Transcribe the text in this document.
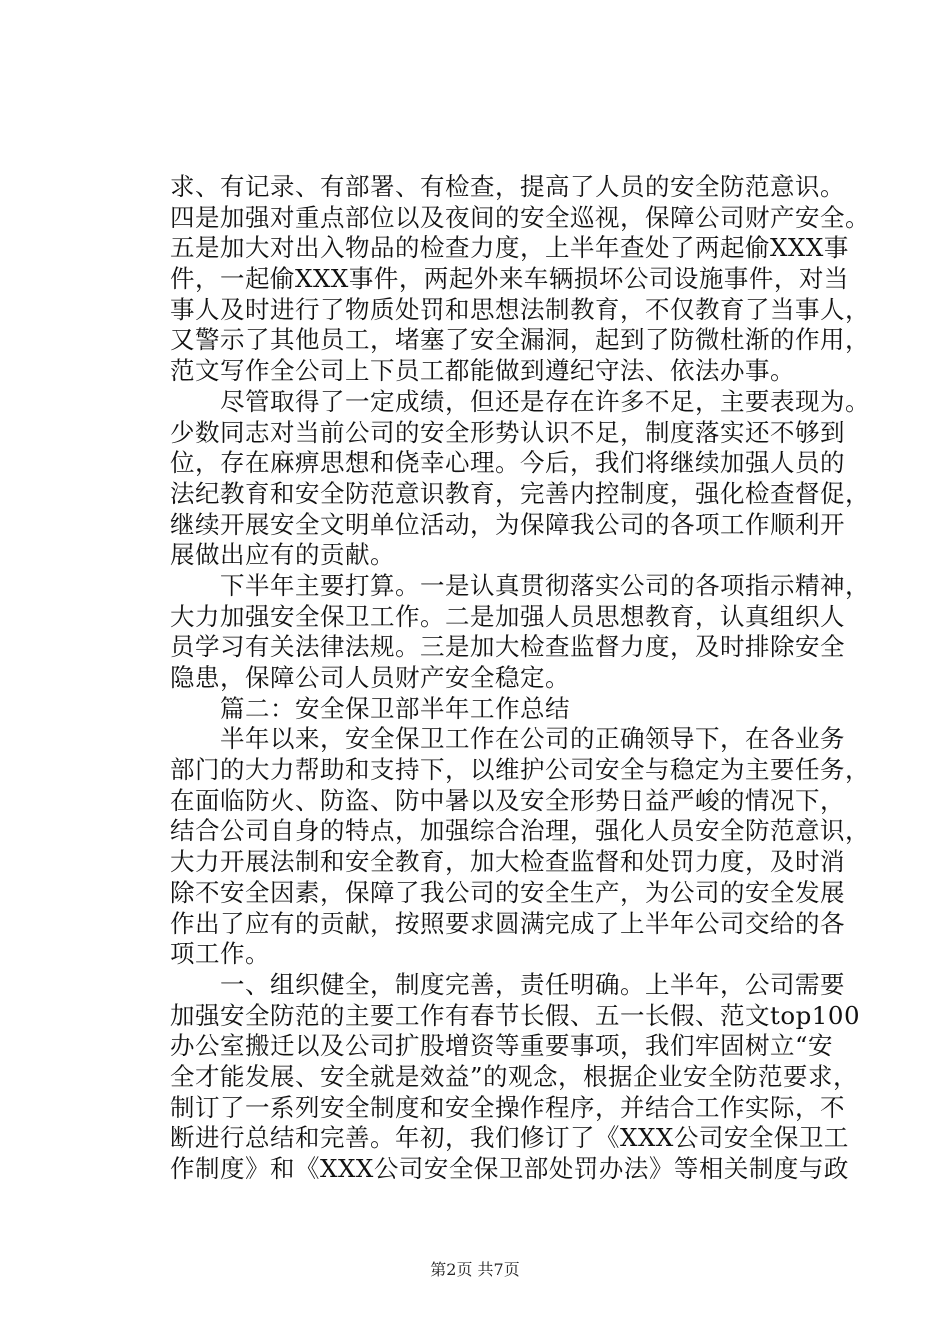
求、有记录、有部署、有检查，提高了人员的安全防范意识。
四是加强对重点部位以及夜间的安全巡视，保障公司财产安全。
五是加大对出入物品的检查力度，上半年查处了两起偷XXX事
件，一起偷XXX事件，两起外来车辆损坏公司设施事件，对当
事人及时进行了物质处罚和思想法制教育，不仅教育了当事人，
又警示了其他员工，堵塞了安全漏洞，起到了防微杜渐的作用，
范文写作全公司上下员工都能做到遵纪守法、依法办事。
　　尽管取得了一定成绩，但还是存在许多不足，主要表现为。
少数同志对当前公司的安全形势认识不足，制度落实还不够到
位，存在麻痹思想和侥幸心理。今后，我们将继续加强人员的
法纪教育和安全防范意识教育，完善内控制度，强化检查督促，
继续开展安全文明单位活动，为保障我公司的各项工作顺利开
展做出应有的贡献。
　　下半年主要打算。一是认真贯彻落实公司的各项指示精神，
大力加强安全保卫工作。二是加强人员思想教育，认真组织人
员学习有关法律法规。三是加大检查监督力度，及时排除安全
隐患，保障公司人员财产安全稳定。
　　篇二：安全保卫部半年工作总结
　　半年以来，安全保卫工作在公司的正确领导下，在各业务
部门的大力帮助和支持下，以维护公司安全与稳定为主要任务，
在面临防火、防盗、防中暑以及安全形势日益严峻的情况下，
结合公司自身的特点，加强综合治理，强化人员安全防范意识，
大力开展法制和安全教育，加大检查监督和处罚力度，及时消
除不安全因素，保障了我公司的安全生产，为公司的安全发展
作出了应有的贡献，按照要求圆满完成了上半年公司交给的各
项工作。
　　一、组织健全，制度完善，责任明确。上半年，公司需要
加强安全防范的主要工作有春节长假、五一长假、范文top100
办公室搬迁以及公司扩股增资等重要事项，我们牢固树立“安
全才能发展、安全就是效益”的观念，根据企业安全防范要求，
制订了一系列安全制度和安全操作程序，并结合工作实际，不
断进行总结和完善。年初，我们修订了《XXX公司安全保卫工
作制度》和《XXX公司安全保卫部处罚办法》等相关制度与政
第2页 共7页
